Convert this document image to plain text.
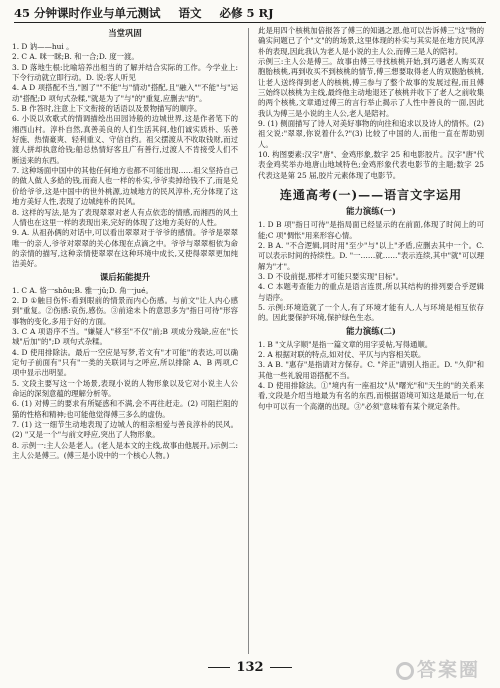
45 分钟课时作业与单元测试 语文 必修 5 RJ
当堂巩固
1. D 讷——hui 。
2. C A. 咪一眯;B. 和一合;D. 度一渡。
3. D 落地生根:比喻培养出相当的了解并结合实际的工作。今学业上:下令行动就立即行动。D. 说:客人听见
4. A D 项搭配不当,"圆了""不能"与"情动"搭配,且"融入""不能"与"运动"搭配;D 项句式杂糅,"就是为了"与"的"重复,应删去"的"。
5. B 作答时,注意上下文衔接的话语以及景物描写的顺序。
6. 小说以欢歌式的情调描绘出田园诗般的边城世界,这是作者笔下的湘西山村。淳朴自然,真善美良的人们生活其间,他们诚实质朴、乐善好施、热情豪爽、轻利重义、守信自约。祖父摆渡从不收取钱财,而过渡人拼却执意给钱;船总热情好客且广有善行,过渡人不肯接受人们不断送来的东西。
7. 这种场面中国中的其他任何地方也都不可能出现……祖父坚持自己的做人做人多給的钱,而商人也一样的朴实,爷爷卖掉给钱不了,而是兑价给爷爷,这是中国中的世外桃源,边城地方的民风淳朴,充分体现了这地方美好人性,表现了边城纯朴的民风。
8. 这样的写法,是为了表现翠翠对老人有点依恋的情感,而湘西的风土人情也在这里一样的表现出来,完好的体现了这地方美好的人性。
9. A. 从祖孙俩的对话中,可以看出翠翠对于爷爷的感情。爷爷是翠翠唯一的亲人,爷爷对翠翠的关心体现在点滴之中。爷爷与翠翠相依为命的亲情的描写,这种亲情使翠翠在这种环境中成长,又使得翠翠更加纯洁美好。
课后拓能提升
1. C A. 恪一shǒu;B. 雅一jǔ;D. 角一jué。
2. D ①触目伤怀:看到眼前的情景而内心伤感。与前文"让人内心感到"重复。②伤感:哀伤,感伤。③前途未卜的意思多为"指日可待"形容事物的变化,多用于好的方面。
3. C A 项语序不当。"嫌疑人"移至"不仅"前;B 项成分残缺,应在"长城"后加"的";D 项句式杂糅。
4. D 使用排除法。最后一空应是写梦,若文有"才可能"的表达,可以确定句子前面有"只有"一类的关联词与之呼应,所以排除 A、B 两项,C 项中显示出明显。
5. 文段主要写这一个场景,表现小说的人物形象以及它对小说主人公命运的深刻意蕴的理解分析等。
6. (1) 对傅三的要求有所疑惑和不满,会不再往赶走。(2) 可阻拦阻的猫的性格和精神;也可能他觉得傅三多么的虚伪。
7. (1) 这一细节生动地表现了边城人的相亲相爱与善良淳朴的民风。(2) "又是一个"与前文呼应,突出了人物形象。
8. 示例一:主人公是老人。(老人是本文的主线,故事由他展开。)示例二:主人公是傅三。(傅三是小说中的一个核心人物。)
此是用四个核桃加倍报答了傅三的知遇之恩,他可以告诉傅三"这"物的确实问题已了个"文"的的场景,这里体现的朴实与其实是在地方民风淳朴的表现,因此我认为老人是小说的主人公,而傅三是人的陪衬。
示例三:主人公是傅三。故事由傅三寻找核桃开始,到巧遇老人购买双胞胎核桃,再到收买不到核桃的情节,傅三想要取得老人的双胞胎核桃,让老人送终得到老人的核桃,傅三参与了整个故事的发展过程,而且傅三始终以核桃为主线,最终他主动地退还了核桃并收下了老人之前收集的两个核桃,文章通过傅三的言行举止揭示了人性中善良的一面,因此我认为傅三是小说的主人公,老人是陪衬。
9. (1) 侧面描写了诗人对美好事物的向往和追求以及诗人的情怀。(2) 祖父说:"翠翠,你说着什么?"(3) 比较了中国的人,而他一直在帮助别人。
10. 构图要素:汉字"唐"、金鸡形象,数字 25 和电影胶片。汉字"唐"代表金鸡奖举办地唐山地域特色;金鸡形象代表电影节的主题;数字 25 代表这是第 25 届,胶片元素体现了电影节。
连通高考(一)——语言文字运用
能力演练(一)
1. D B 项"指日可待"是指局面已经显示的在前面,体现了时间上的可能;C 项"惆怅"用来形容心情。
2. B A. "不合逻辑,同时用"至少"与"以上"矛盾,应删去其中一个。C. 可以表示时间的持续性。D. "一……就……"表示连续,其中"就"可以理解为"才"。
3. D 不设前提,那样才可能只要实现"目标"。
4. C 本题考查能力的重点是语言连贯,所以其结构的排列要合乎逻辑与语序。
5. 示例:环境造就了一个人,有了环境才能有人,人与环境是相互依存的。因此要保护环境,保护绿色生态。
能力演练(二)
1. B "文从字顺"是指一篇文章的用字妥帖,写得通顺。
2. A 根据对联的特点,如对仗、平仄与内容相关联。
3. A B. "惠存"是指请对方保存。C. "斧正"请别人指正。D. "久仰"和其他一些礼貌用语搭配不当。
4. D 使用排除法。①"境内有一座祖坟"从"曙光"和"天生的"的关系来看,文段是介绍当地最为有名的东西,而根据语境可知这是最后一句,在句中可以有一个高潮的出现。③"必须"意味着有某个规定条件。
132	答案圈
